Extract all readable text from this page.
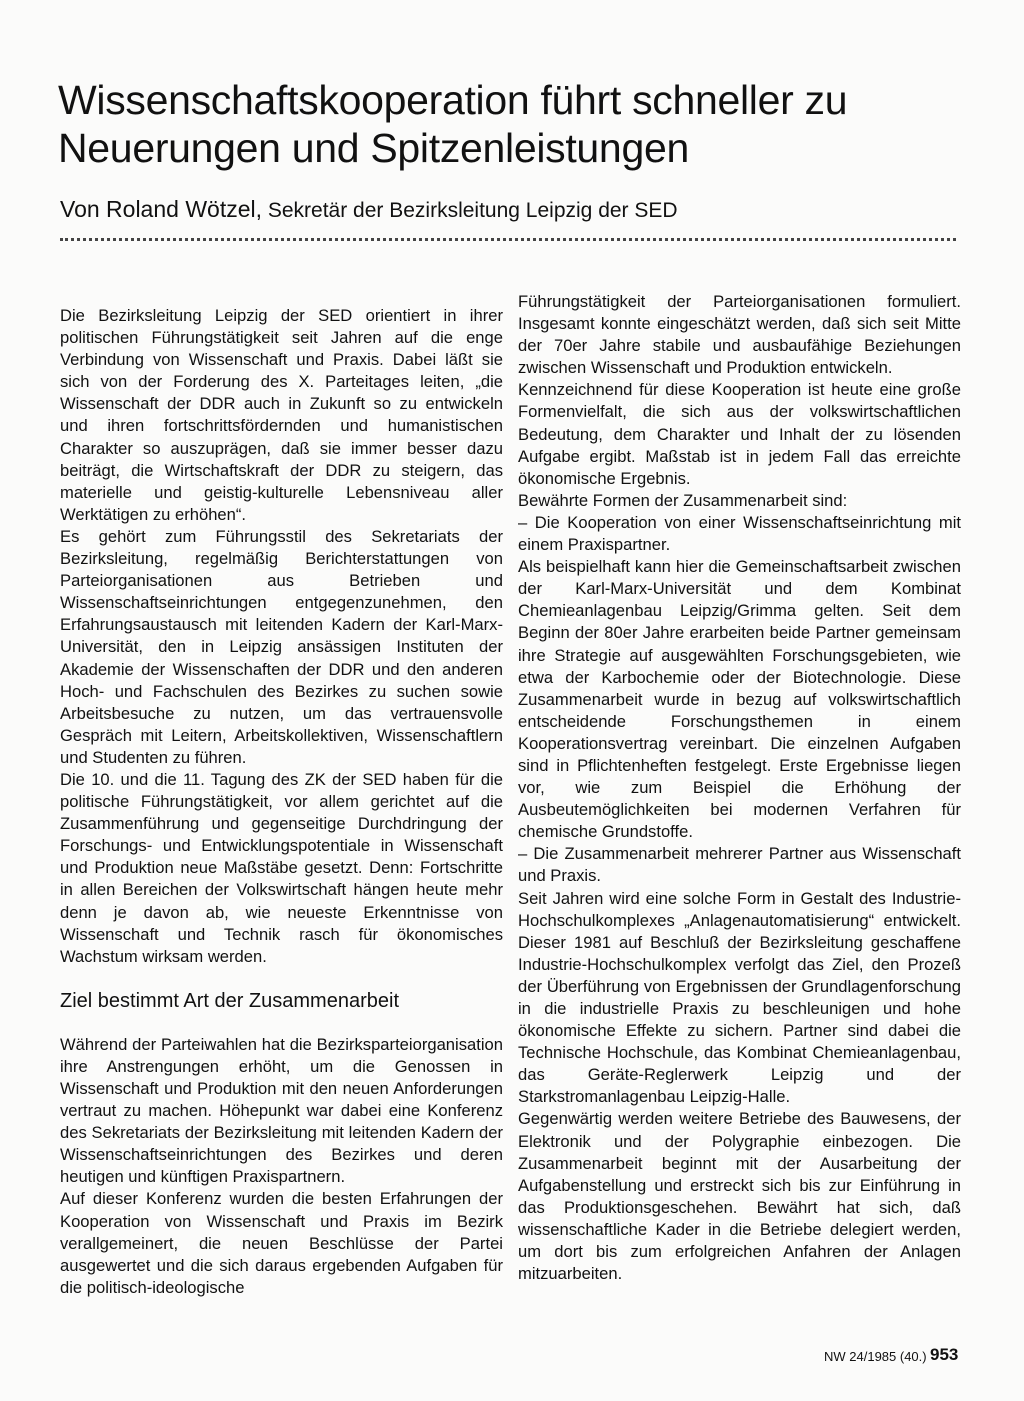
Wissenschaftskooperation führt schneller zu Neuerungen und Spitzenleistungen
Von Roland Wötzel, Sekretär der Bezirksleitung Leipzig der SED

Die Bezirksleitung Leipzig der SED orientiert in ihrer politischen Führungstätigkeit seit Jahren auf die enge Verbindung von Wissenschaft und Praxis. Dabei läßt sie sich von der Forderung des X. Parteitages leiten, „die Wissenschaft der DDR auch in Zukunft so zu entwickeln und ihren fortschrittsfördernden und humanistischen Charakter so auszuprägen, daß sie immer besser dazu beiträgt, die Wirtschaftskraft der DDR zu steigern, das materielle und geistig-kulturelle Lebensniveau aller Werktätigen zu erhöhen“.

Es gehört zum Führungsstil des Sekretariats der Bezirksleitung, regelmäßig Berichterstattungen von Parteiorganisationen aus Betrieben und Wissenschaftseinrichtungen entgegenzunehmen, den Erfahrungsaustausch mit leitenden Kadern der Karl-Marx-Universität, den in Leipzig ansässigen Instituten der Akademie der Wissenschaften der DDR und den anderen Hoch- und Fachschulen des Bezirkes zu suchen sowie Arbeitsbesuche zu nutzen, um das vertrauensvolle Gespräch mit Leitern, Arbeitskollektiven, Wissenschaftlern und Studenten zu führen.

Die 10. und die 11. Tagung des ZK der SED haben für die politische Führungstätigkeit, vor allem gerichtet auf die Zusammenführung und gegenseitige Durchdringung der Forschungs- und Entwicklungspotentiale in Wissenschaft und Produktion neue Maßstäbe gesetzt. Denn: Fortschritte in allen Bereichen der Volkswirtschaft hängen heute mehr denn je davon ab, wie neueste Erkenntnisse von Wissenschaft und Technik rasch für ökonomisches Wachstum wirksam werden.

Ziel bestimmt Art der Zusammenarbeit

Während der Parteiwahlen hat die Bezirksparteiorganisation ihre Anstrengungen erhöht, um die Genossen in Wissenschaft und Produktion mit den neuen Anforderungen vertraut zu machen. Höhepunkt war dabei eine Konferenz des Sekretariats der Bezirksleitung mit leitenden Kadern der Wissenschaftseinrichtungen des Bezirkes und deren heutigen und künftigen Praxispartnern.

Auf dieser Konferenz wurden die besten Erfahrungen der Kooperation von Wissenschaft und Praxis im Bezirk verallgemeinert, die neuen Beschlüsse der Partei ausgewertet und die sich daraus ergebenden Aufgaben für die politisch-ideologische

Führungstätigkeit der Parteiorganisationen formuliert. Insgesamt konnte eingeschätzt werden, daß sich seit Mitte der 70er Jahre stabile und ausbaufähige Beziehungen zwischen Wissenschaft und Produktion entwickeln.

Kennzeichnend für diese Kooperation ist heute eine große Formenvielfalt, die sich aus der volkswirtschaftlichen Bedeutung, dem Charakter und Inhalt der zu lösenden Aufgabe ergibt. Maßstab ist in jedem Fall das erreichte ökonomische Ergebnis.

Bewährte Formen der Zusammenarbeit sind:

– Die Kooperation von einer Wissenschaftseinrichtung mit einem Praxispartner.

Als beispielhaft kann hier die Gemeinschaftsarbeit zwischen der Karl-Marx-Universität und dem Kombinat Chemieanlagenbau Leipzig/Grimma gelten. Seit dem Beginn der 80er Jahre erarbeiten beide Partner gemeinsam ihre Strategie auf ausgewählten Forschungsgebieten, wie etwa der Karbochemie oder der Biotechnologie. Diese Zusammenarbeit wurde in bezug auf volkswirtschaftlich entscheidende Forschungsthemen in einem Kooperationsvertrag vereinbart. Die einzelnen Aufgaben sind in Pflichtenheften festgelegt. Erste Ergebnisse liegen vor, wie zum Beispiel die Erhöhung der Ausbeutemöglichkeiten bei modernen Verfahren für chemische Grundstoffe.

– Die Zusammenarbeit mehrerer Partner aus Wissenschaft und Praxis.

Seit Jahren wird eine solche Form in Gestalt des Industrie-Hochschulkomplexes „Anlagenautomatisierung“ entwickelt. Dieser 1981 auf Beschluß der Bezirksleitung geschaffene Industrie-Hochschulkomplex verfolgt das Ziel, den Prozeß der Überführung von Ergebnissen der Grundlagenforschung in die industrielle Praxis zu beschleunigen und hohe ökonomische Effekte zu sichern. Partner sind dabei die Technische Hochschule, das Kombinat Chemieanlagenbau, das Geräte-Reglerwerk Leipzig und der Starkstromanlagenbau Leipzig-Halle.

Gegenwärtig werden weitere Betriebe des Bauwesens, der Elektronik und der Polygraphie einbezogen. Die Zusammenarbeit beginnt mit der Ausarbeitung der Aufgabenstellung und erstreckt sich bis zur Einführung in das Produktionsgeschehen. Bewährt hat sich, daß wissenschaftliche Kader in die Betriebe delegiert werden, um dort bis zum erfolgreichen Anfahren der Anlagen mitzuarbeiten.

NW 24/1985 (40.) 953
